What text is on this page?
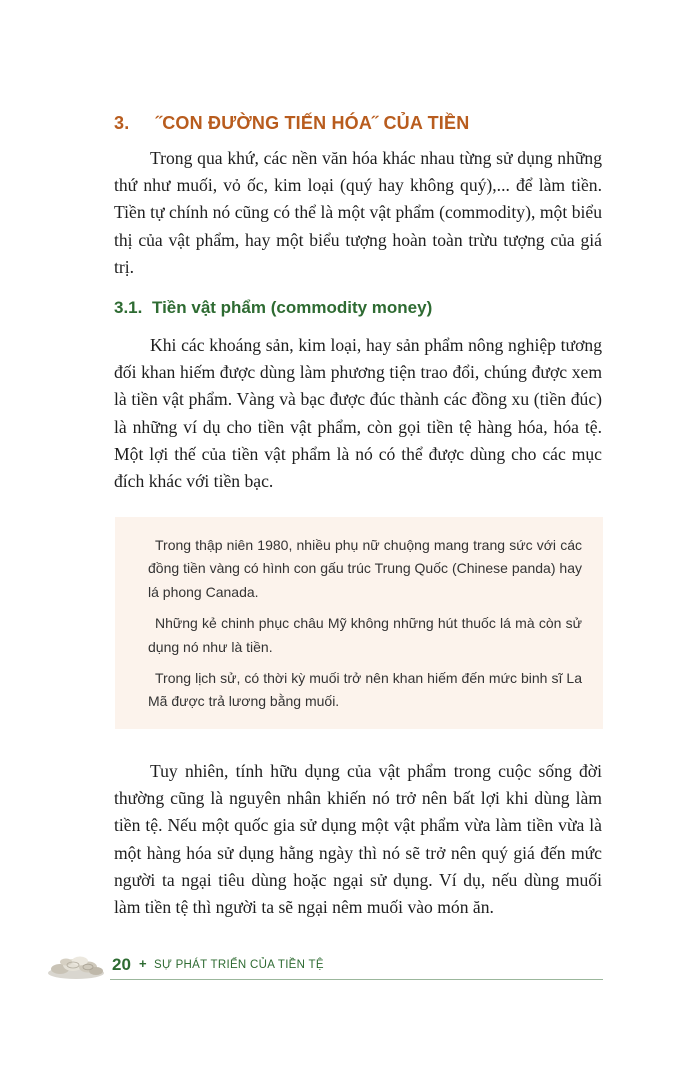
3. ˝CON ĐƯỜNG TIẾN HÓA˝ CỦA TIỀN

Trong qua khứ, các nền văn hóa khác nhau từng sử dụng những thứ như muối, vỏ ốc, kim loại (quý hay không quý),... để làm tiền. Tiền tự chính nó cũng có thể là một vật phẩm (commodity), một biểu thị của vật phẩm, hay một biểu tượng hoàn toàn trừu tượng của giá trị.

3.1. Tiền vật phẩm (commodity money)

Khi các khoáng sản, kim loại, hay sản phẩm nông nghiệp tương đối khan hiếm được dùng làm phương tiện trao đổi, chúng được xem là tiền vật phẩm. Vàng và bạc được đúc thành các đồng xu (tiền đúc) là những ví dụ cho tiền vật phẩm, còn gọi tiền tệ hàng hóa, hóa tệ. Một lợi thế của tiền vật phẩm là nó có thể được dùng cho các mục đích khác với tiền bạc.

Trong thập niên 1980, nhiều phụ nữ chuộng mang trang sức với các đồng tiền vàng có hình con gấu trúc Trung Quốc (Chinese panda) hay lá phong Canada.

Những kẻ chinh phục châu Mỹ không những hút thuốc lá mà còn sử dụng nó như là tiền.

Trong lịch sử, có thời kỳ muối trở nên khan hiếm đến mức binh sĩ La Mã được trả lương bằng muối.

Tuy nhiên, tính hữu dụng của vật phẩm trong cuộc sống đời thường cũng là nguyên nhân khiến nó trở nên bất lợi khi dùng làm tiền tệ. Nếu một quốc gia sử dụng một vật phẩm vừa làm tiền vừa là một hàng hóa sử dụng hằng ngày thì nó sẽ trở nên quý giá đến mức người ta ngại tiêu dùng hoặc ngại sử dụng. Ví dụ, nếu dùng muối làm tiền tệ thì người ta sẽ ngại nêm muối vào món ăn.

20 + SỰ PHÁT TRIỂN CỦA TIỀN TỆ
